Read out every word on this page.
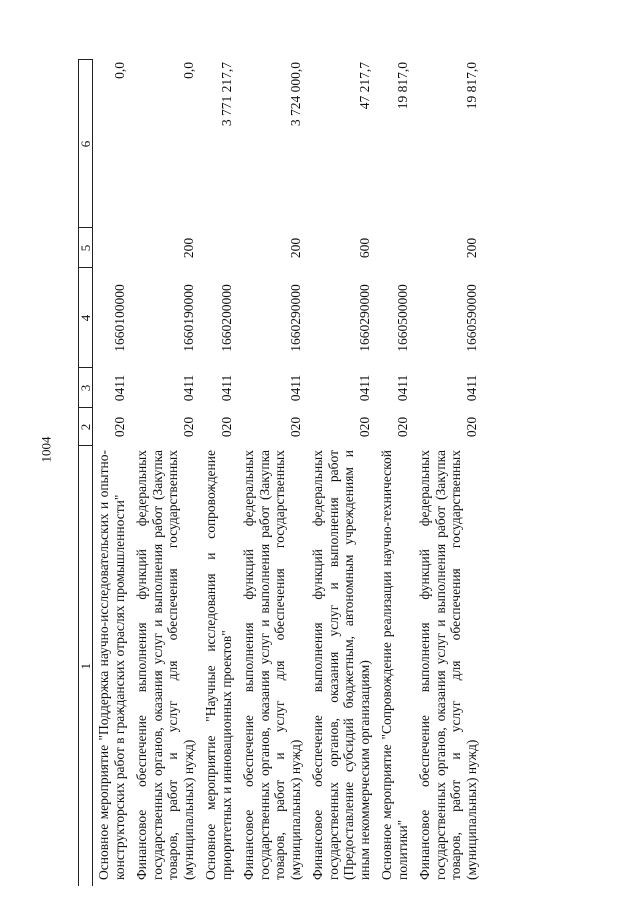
1004
1	2	3	4	5	6
Основное мероприятие "Поддержка научно-исследовательских и опытно-конструкторских работ в гражданских отраслях промышленности"	020	0411	1660100000		0,0
Финансовое обеспечение выполнения функций федеральных государственных органов, оказания услуг и выполнения работ (Закупка товаров, работ и услуг для обеспечения государственных (муниципальных) нужд)	020	0411	1660190000	200	0,0
Основное мероприятие "Научные исследования и сопровождение приоритетных и инновационных проектов"	020	0411	1660200000		3 771 217,7
Финансовое обеспечение выполнения функций федеральных государственных органов, оказания услуг и выполнения работ (Закупка товаров, работ и услуг для обеспечения государственных (муниципальных) нужд)	020	0411	1660290000	200	3 724 000,0
Финансовое обеспечение выполнения функций федеральных государственных органов, оказания услуг и выполнения работ (Предоставление субсидий бюджетным, автономным учреждениям и иным некоммерческим организациям)	020	0411	1660290000	600	47 217,7
Основное мероприятие "Сопровождение реализации научно-технической политики"	020	0411	1660500000		19 817,0
Финансовое обеспечение выполнения функций федеральных государственных органов, оказания услуг и выполнения работ (Закупка товаров, работ и услуг для обеспечения государственных (муниципальных) нужд)	020	0411	1660590000	200	19 817,0
